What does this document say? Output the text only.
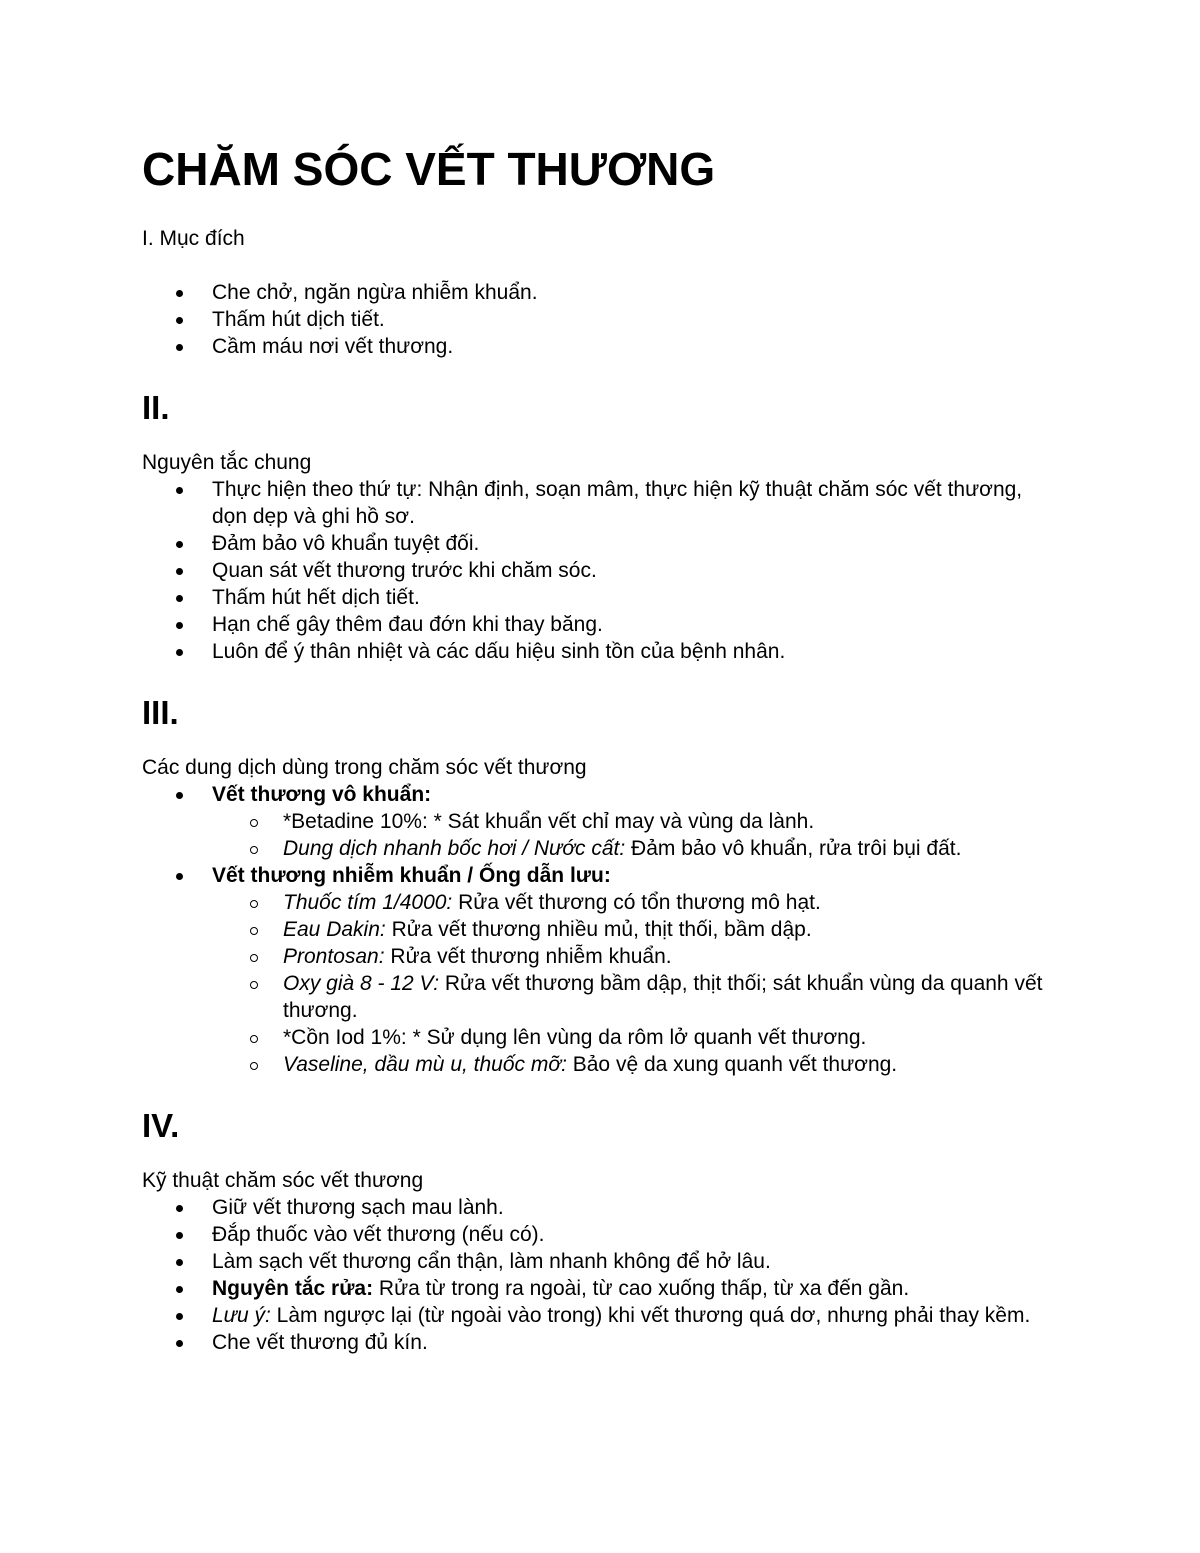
CHĂM SÓC VẾT THƯƠNG

I. Mục đích

Che chở, ngăn ngừa nhiễm khuẩn.
Thấm hút dịch tiết.
Cầm máu nơi vết thương.

II.

Nguyên tắc chung

Thực hiện theo thứ tự: Nhận định, soạn mâm, thực hiện kỹ thuật chăm sóc vết thương, dọn dẹp và ghi hồ sơ.
Đảm bảo vô khuẩn tuyệt đối.
Quan sát vết thương trước khi chăm sóc.
Thấm hút hết dịch tiết.
Hạn chế gây thêm đau đớn khi thay băng.
Luôn để ý thân nhiệt và các dấu hiệu sinh tồn của bệnh nhân.

III.

Các dung dịch dùng trong chăm sóc vết thương

Vết thương vô khuẩn:
*Betadine 10%: * Sát khuẩn vết chỉ may và vùng da lành.
Dung dịch nhanh bốc hơi / Nước cất: Đảm bảo vô khuẩn, rửa trôi bụi đất.
Vết thương nhiễm khuẩn / Ống dẫn lưu:
Thuốc tím 1/4000: Rửa vết thương có tổn thương mô hạt.
Eau Dakin: Rửa vết thương nhiều mủ, thịt thối, bầm dập.
Prontosan: Rửa vết thương nhiễm khuẩn.
Oxy già 8 - 12 V: Rửa vết thương bầm dập, thịt thối; sát khuẩn vùng da quanh vết thương.
*Cồn Iod 1%: * Sử dụng lên vùng da rôm lở quanh vết thương.
Vaseline, dầu mù u, thuốc mỡ: Bảo vệ da xung quanh vết thương.

IV.

Kỹ thuật chăm sóc vết thương

Giữ vết thương sạch mau lành.
Đắp thuốc vào vết thương (nếu có).
Làm sạch vết thương cẩn thận, làm nhanh không để hở lâu.
Nguyên tắc rửa: Rửa từ trong ra ngoài, từ cao xuống thấp, từ xa đến gần.
Lưu ý: Làm ngược lại (từ ngoài vào trong) khi vết thương quá dơ, nhưng phải thay kềm.
Che vết thương đủ kín.
